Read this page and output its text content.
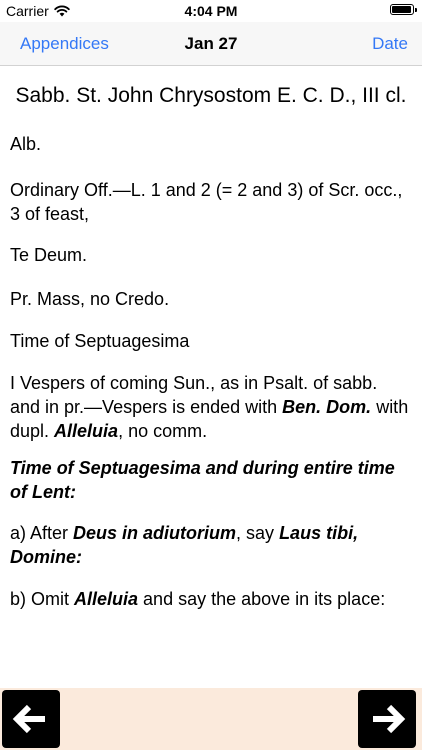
Carrier	4:04 PM
Appendices	Jan 27	Date
Sabb. St. John Chrysostom E. C. D., III cl.

Alb.

Ordinary Off.—L. 1 and 2 (= 2 and 3) of Scr. occ., 3 of feast,

Te Deum.

Pr. Mass, no Credo.

Time of Septuagesima

I Vespers of coming Sun., as in Psalt. of sabb. and in pr.—Vespers is ended with Ben. Dom. with dupl. Alleluia, no comm.

Time of Septuagesima and during entire time of Lent:

a) After Deus in adiutorium, say Laus tibi, Domine:

b) Omit Alleluia and say the above in its place:
